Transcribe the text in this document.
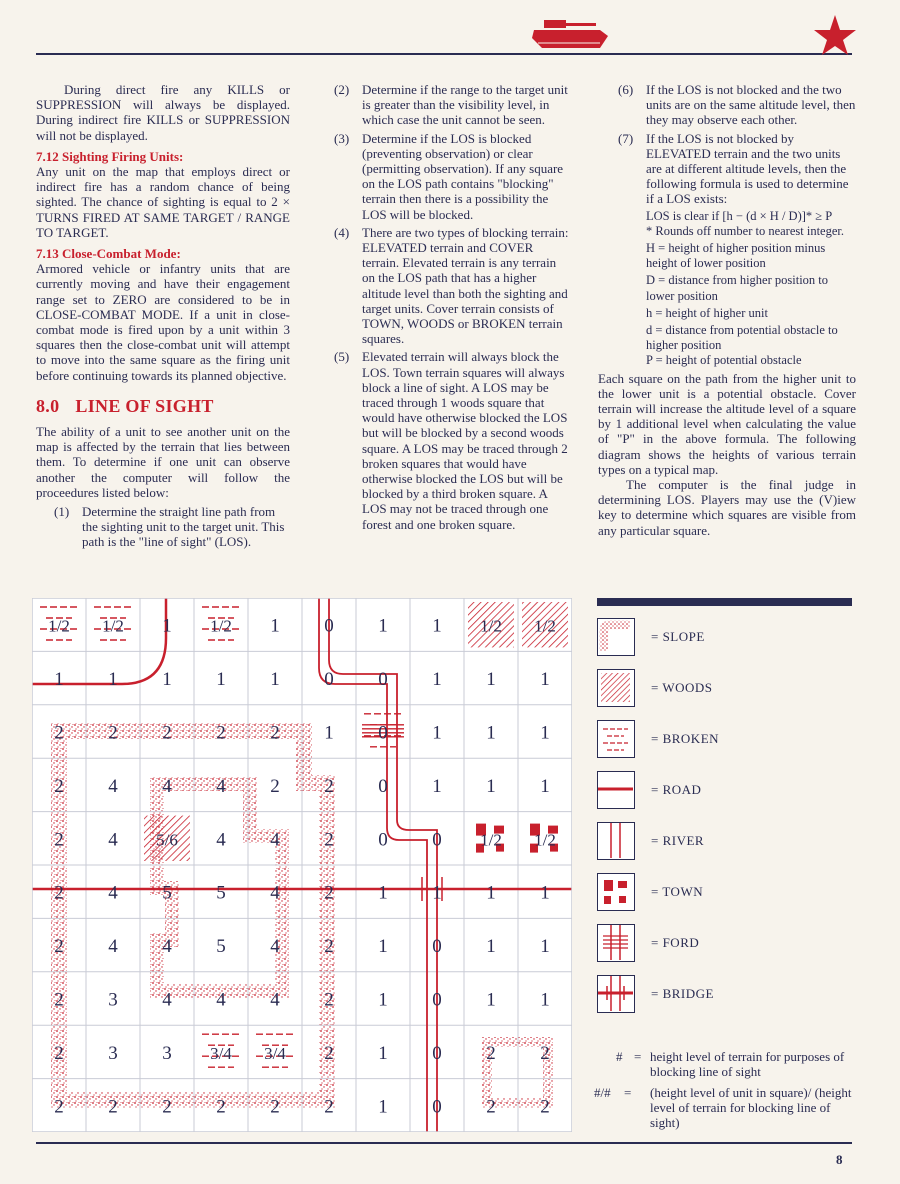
During direct fire any KILLS or SUPPRESSION will always be displayed. During indirect fire KILLS or SUPPRESSION will not be displayed.

7.12 Sighting Firing Units:

Any unit on the map that employs direct or indirect fire has a random chance of being sighted. The chance of sighting is equal to 2 × TURNS FIRED AT SAME TARGET / RANGE TO TARGET.

7.13 Close-Combat Mode:

Armored vehicle or infantry units that are currently moving and have their engagement range set to ZERO are considered to be in CLOSE-COMBAT MODE. If a unit in close-combat mode is fired upon by a unit within 3 squares then the close-combat unit will attempt to move into the same square as the firing unit before continuing towards its planned objective.

8.0 LINE OF SIGHT

The ability of a unit to see another unit on the map is affected by the terrain that lies between them. To determine if one unit can observe another the computer will follow the proceedures listed below:

(1) Determine the straight line path from the sighting unit to the target unit. This path is the "line of sight" (LOS).
(2) Determine if the range to the target unit is greater than the visibility level, in which case the unit cannot be seen.
(3) Determine if the LOS is blocked (preventing observation) or clear (permitting observation). If any square on the LOS path contains "blocking" terrain then there is a possibility the LOS will be blocked.
(4) There are two types of blocking terrain: ELEVATED terrain and COVER terrain. Elevated terrain is any terrain on the LOS path that has a higher altitude level than both the sighting and target units. Cover terrain consists of TOWN, WOODS or BROKEN terrain squares.
(5) Elevated terrain will always block the LOS. Town terrain squares will always block a line of sight. A LOS may be traced through 1 woods square that would have otherwise blocked the LOS but will be blocked by a second woods square. A LOS may be traced through 2 broken squares that would have otherwise blocked the LOS but will be blocked by a third broken square. A LOS may not be traced through one forest and one broken square.
(6) If the LOS is not blocked and the two units are on the same altitude level, then they may observe each other.
(7) If the LOS is not blocked by ELEVATED terrain and the two units are at different altitude levels, then the following formula is used to determine if a LOS exists:

LOS is clear if [h − (d × H / D)]* ≥ P

* Rounds off number to nearest integer.

H = height of higher position minus height of lower position

D = distance from higher position to lower position

h = height of higher unit

d = distance from potential obstacle to higher position

P = height of potential obstacle

Each square on the path from the higher unit to the lower unit is a potential obstacle. Cover terrain will increase the altitude level of a square by 1 additional level when calculating the value of "P" in the above formula. The following diagram shows the heights of various terrain types on a typical map.

The computer is the final judge in determining LOS. Players may use the (V)iew key to determine which squares are visible from any particular square.

1/2 1/2 1 1/2 1 0 1 1 1/2 1/2
1 1 1 1 1 0 0 1 1 1
2 2 2 2 2 1 0 1 1 1
2 4 4 4 2 2 0 1 1 1
2 4 5/6 4 4 2 0 0 1/2 1/2
2 4 5 5 4 2 1 1 1 1
2 4 4 5 4 2 1 0 1 1
2 3 4 4 4 2 1 0 1 1
2 3 3 3/4 3/4 2 1 0 2 2
2 2 2 2 2 2 1 0 2 2
= SLOPE
= WOODS
= BROKEN
= ROAD
= RIVER
= TOWN
= FORD
= BRIDGE
# = height level of terrain for purposes of blocking line of sight
#/#	=	(height level of unit in square)/ (height level of terrain for blocking line of sight)
8
